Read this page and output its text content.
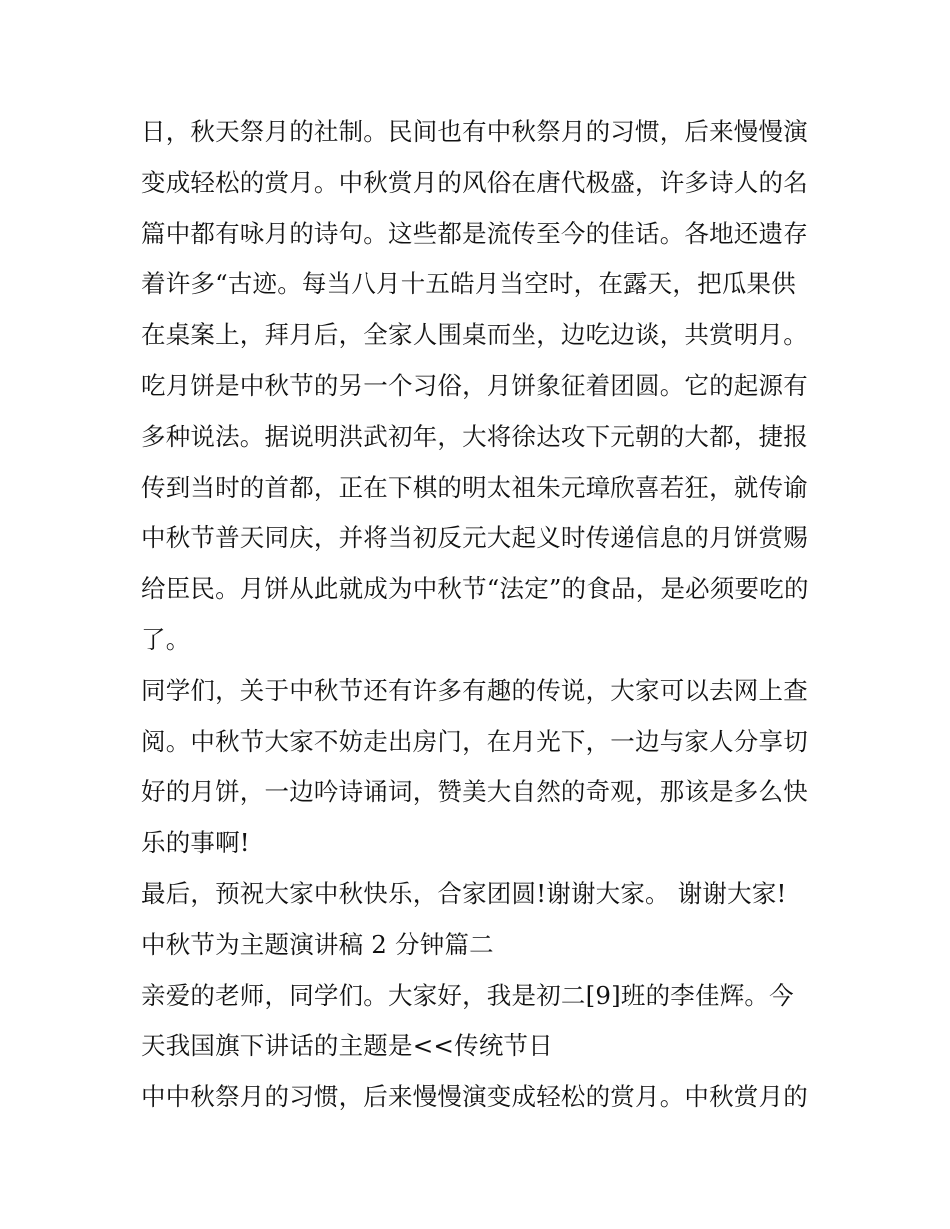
日，秋天祭月的社制。民间也有中秋祭月的习惯，后来慢慢演
变成轻松的赏月。中秋赏月的风俗在唐代极盛，许多诗人的名
篇中都有咏月的诗句。这些都是流传至今的佳话。各地还遗存
着许多“古迹。每当八月十五皓月当空时，在露天，把瓜果供
在桌案上，拜月后，全家人围桌而坐，边吃边谈，共赏明月。
吃月饼是中秋节的另一个习俗，月饼象征着团圆。它的起源有
多种说法。据说明洪武初年，大将徐达攻下元朝的大都，捷报
传到当时的首都，正在下棋的明太祖朱元璋欣喜若狂，就传谕
中秋节普天同庆，并将当初反元大起义时传递信息的月饼赏赐
给臣民。月饼从此就成为中秋节“法定”的食品，是必须要吃的
了。
同学们，关于中秋节还有许多有趣的传说，大家可以去网上查
阅。中秋节大家不妨走出房门，在月光下，一边与家人分享切
好的月饼，一边吟诗诵词，赞美大自然的奇观，那该是多么快
乐的事啊!
最后，预祝大家中秋快乐，合家团圆!谢谢大家。 谢谢大家!
中秋节为主题演讲稿 2 分钟篇二
亲爱的老师，同学们。大家好，我是初二[9]班的李佳辉。今
天我国旗下讲话的主题是<<传统节日
中中秋祭月的习惯，后来慢慢演变成轻松的赏月。中秋赏月的
